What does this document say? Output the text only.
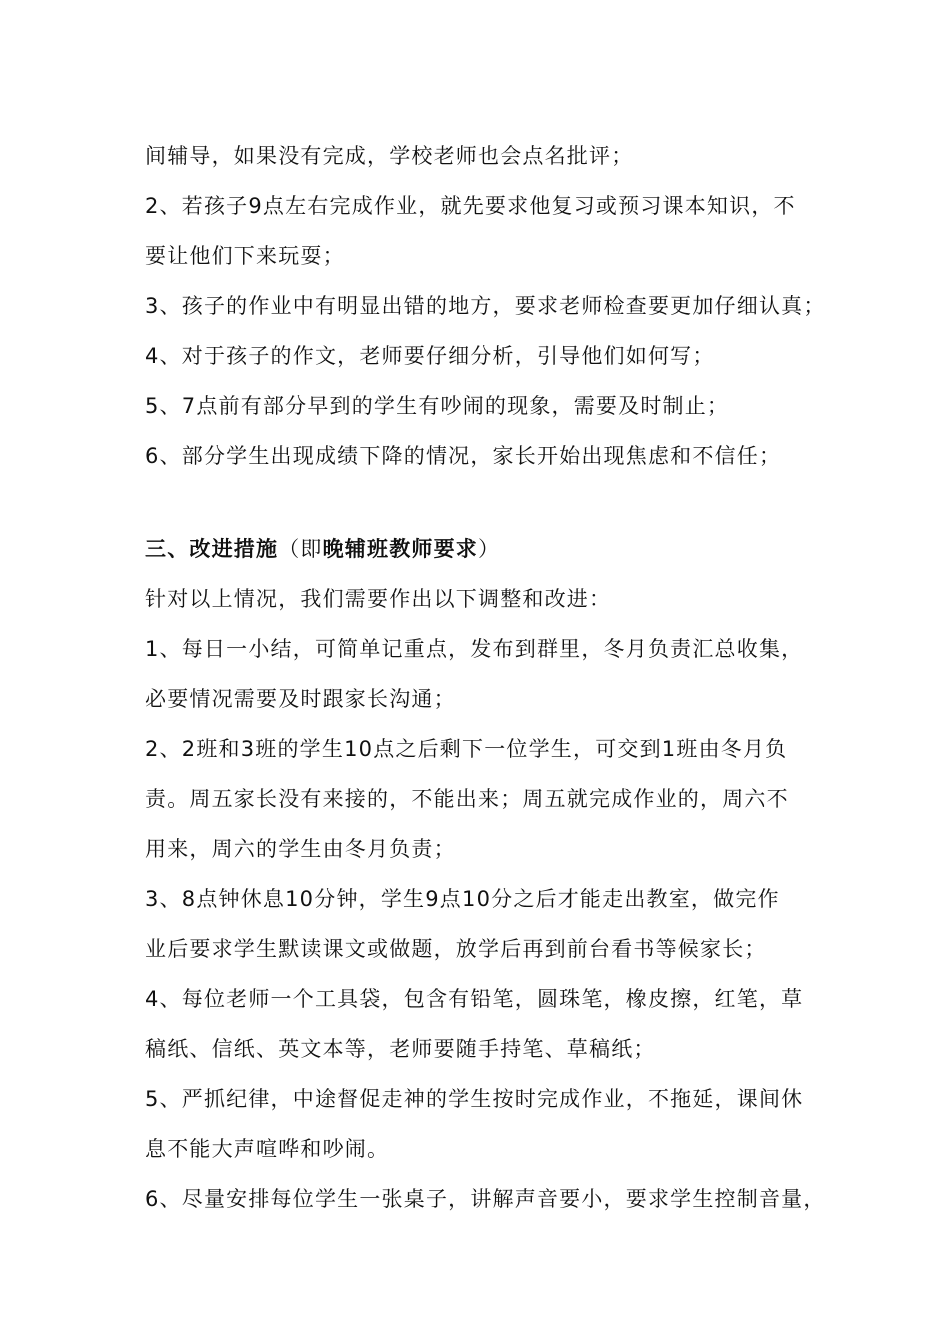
间辅导，如果没有完成，学校老师也会点名批评；
2、若孩子9点左右完成作业，就先要求他复习或预习课本知识，不
要让他们下来玩耍；
3、孩子的作业中有明显出错的地方，要求老师检查要更加仔细认真；
4、对于孩子的作文，老师要仔细分析，引导他们如何写；
5、7点前有部分早到的学生有吵闹的现象，需要及时制止；
6、部分学生出现成绩下降的情况，家长开始出现焦虑和不信任；
三、改进措施（即晚辅班教师要求）
针对以上情况，我们需要作出以下调整和改进：
1、每日一小结，可简单记重点，发布到群里，冬月负责汇总收集，
必要情况需要及时跟家长沟通；
2、2班和3班的学生10点之后剩下一位学生，可交到1班由冬月负
责。周五家长没有来接的，不能出来；周五就完成作业的，周六不
用来，周六的学生由冬月负责；
3、8点钟休息10分钟，学生9点10分之后才能走出教室，做完作
业后要求学生默读课文或做题，放学后再到前台看书等候家长；
4、每位老师一个工具袋，包含有铅笔，圆珠笔，橡皮擦，红笔，草
稿纸、信纸、英文本等，老师要随手持笔、草稿纸；
5、严抓纪律，中途督促走神的学生按时完成作业，不拖延，课间休
息不能大声喧哗和吵闹。
6、尽量安排每位学生一张桌子，讲解声音要小，要求学生控制音量，
